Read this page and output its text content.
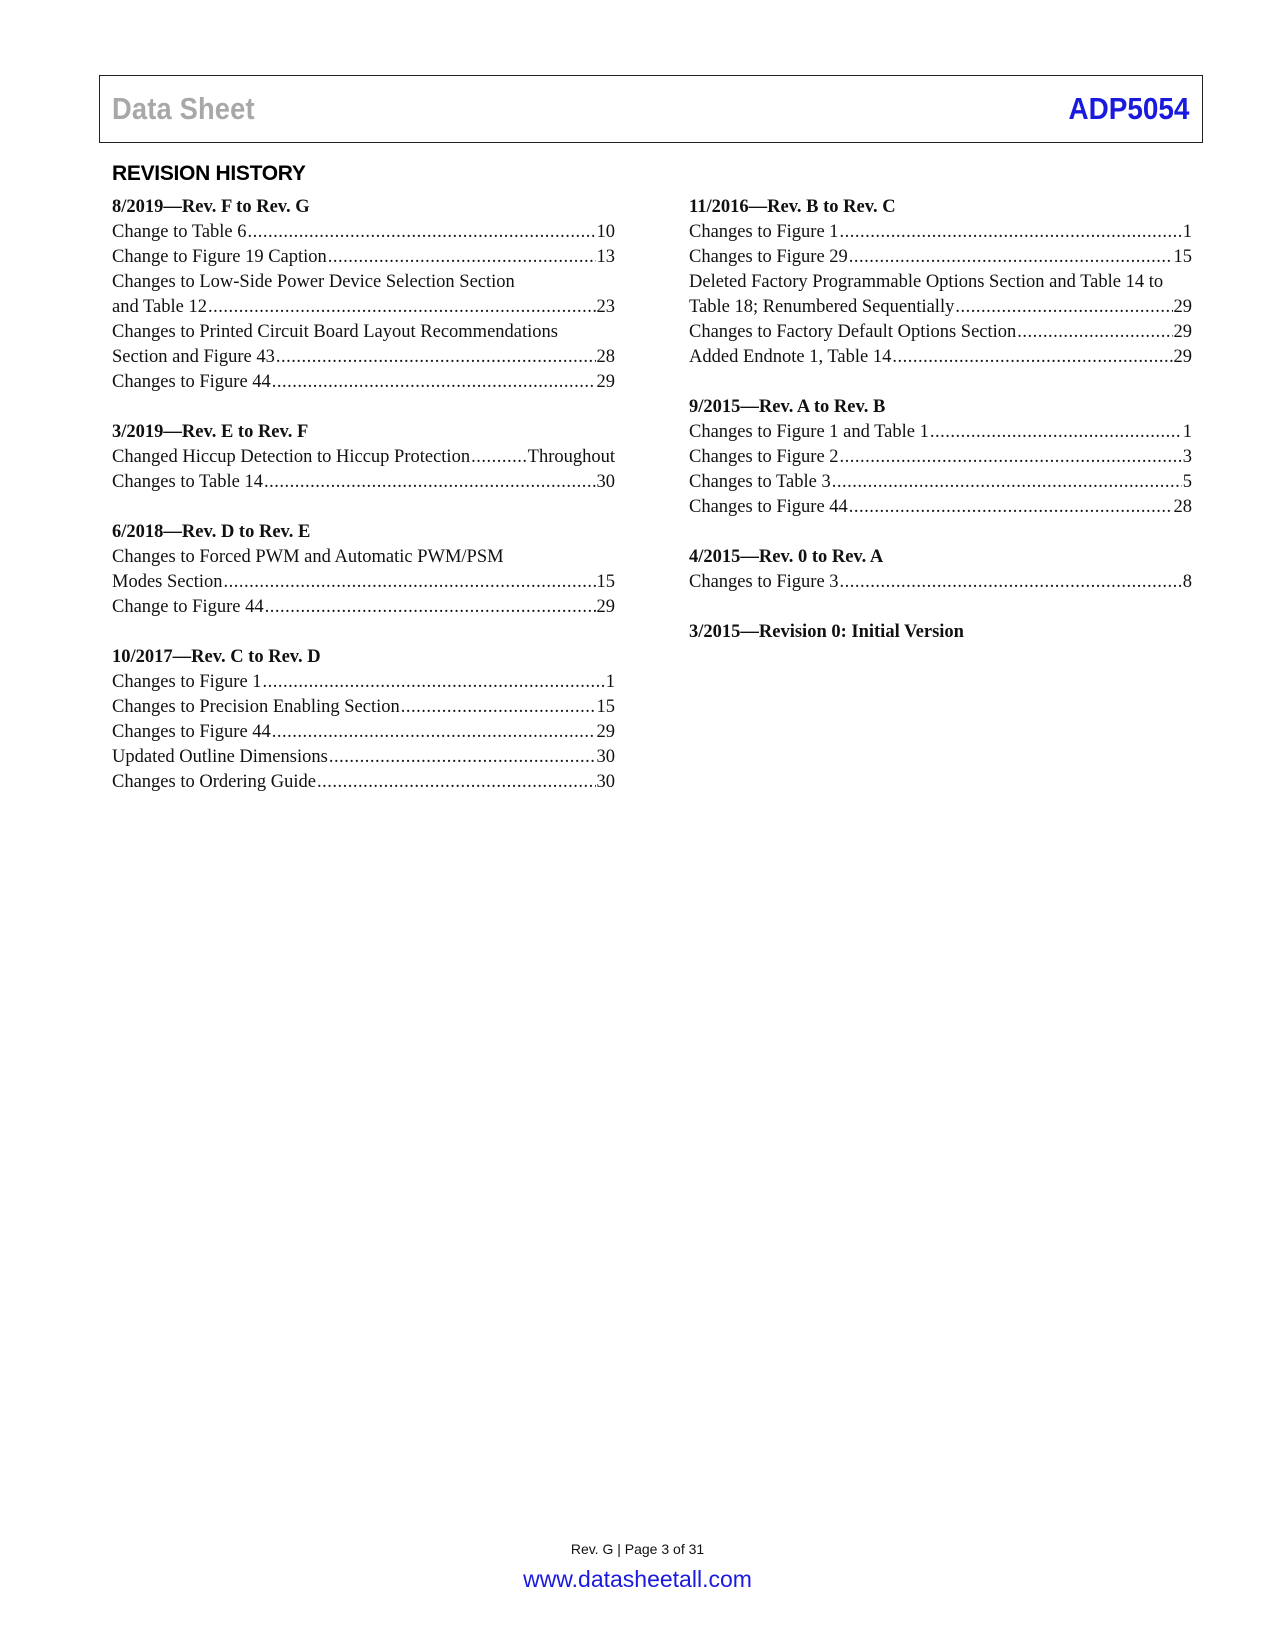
Data Sheet	ADP5054
REVISION HISTORY
8/2019—Rev. F to Rev. G
Change to Table 6 .....	10
Change to Figure 19 Caption .....	13
Changes to Low-Side Power Device Selection Section
and Table 12 .....	23
Changes to Printed Circuit Board Layout Recommendations
Section and Figure 43 .....	28
Changes to Figure 44 .....	29
3/2019—Rev. E to Rev. F
Changed Hiccup Detection to Hiccup Protection .....	Throughout
Changes to Table 14 .....	30
6/2018—Rev. D to Rev. E
Changes to Forced PWM and Automatic PWM/PSM
Modes Section .....	15
Change to Figure 44 .....	29
10/2017—Rev. C to Rev. D
Changes to Figure 1 .....	1
Changes to Precision Enabling Section .....	15
Changes to Figure 44 .....	29
Updated Outline Dimensions .....	30
Changes to Ordering Guide .....	30
11/2016—Rev. B to Rev. C
Changes to Figure 1 .....	1
Changes to Figure 29 .....	15
Deleted Factory Programmable Options Section and Table 14 to
Table 18; Renumbered Sequentially .....	29
Changes to Factory Default Options Section .....	29
Added Endnote 1, Table 14 .....	29
9/2015—Rev. A to Rev. B
Changes to Figure 1 and Table 1 .....	1
Changes to Figure 2 .....	3
Changes to Table 3 .....	5
Changes to Figure 44 .....	28
4/2015—Rev. 0 to Rev. A
Changes to Figure 3 .....	8
3/2015—Revision 0: Initial Version
Rev. G | Page 3 of 31
www.datasheetall.com
